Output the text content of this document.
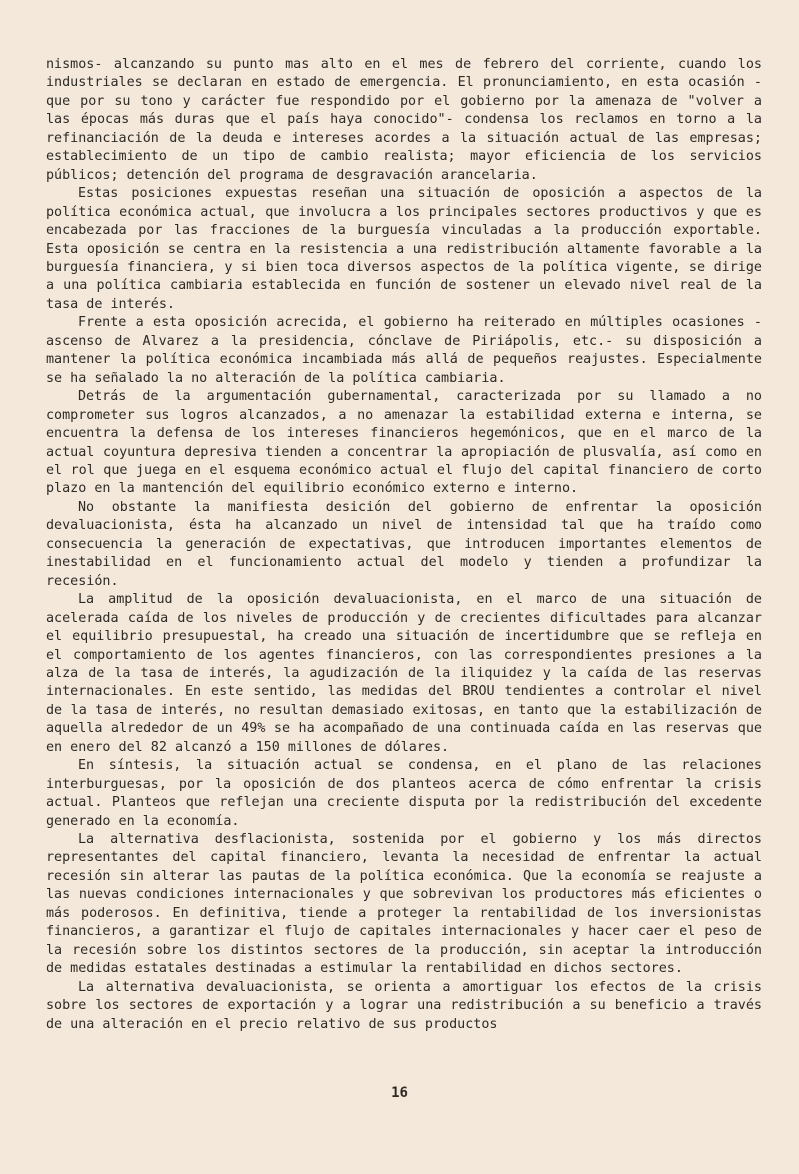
nismos- alcanzando su punto mas alto en el mes de febrero del corriente, cuando los industriales se declaran en estado de emergencia. El pronunciamiento, en esta ocasión -que por su tono y carácter fue respondido por el gobierno por la amenaza de "volver a las épocas más duras que el país haya conocido"- condensa los reclamos en torno a la refinanciación de la deuda e intereses acordes a la situación actual de las empresas; establecimiento de un tipo de cambio realista; mayor eficiencia de los servicios públicos; detención del programa de desgravación arancelaria.

Estas posiciones expuestas reseñan una situación de oposición a aspectos de la política económica actual, que involucra a los principales sectores productivos y que es encabezada por las fracciones de la burguesía vinculadas a la producción exportable. Esta oposición se centra en la resistencia a una redistribución altamente favorable a la burguesía financiera, y si bien toca diversos aspectos de la política vigente, se dirige a una política cambiaria establecida en función de sostener un elevado nivel real de la tasa de interés.

Frente a esta oposición acrecida, el gobierno ha reiterado en múltiples ocasiones -ascenso de Alvarez a la presidencia, cónclave de Piriápolis, etc.- su disposición a mantener la política económica incambiada más allá de pequeños reajustes. Especialmente se ha señalado la no alteración de la política cambiaria.

Detrás de la argumentación gubernamental, caracterizada por su llamado a no comprometer sus logros alcanzados, a no amenazar la estabilidad externa e interna, se encuentra la defensa de los intereses financieros hegemónicos, que en el marco de la actual coyuntura depresiva tienden a concentrar la apropiación de plusvalía, así como en el rol que juega en el esquema económico actual el flujo del capital financiero de corto plazo en la mantención del equilibrio económico externo e interno.

No obstante la manifiesta desición del gobierno de enfrentar la oposición devaluacionista, ésta ha alcanzado un nivel de intensidad tal que ha traído como consecuencia la generación de expectativas, que introducen importantes elementos de inestabilidad en el funcionamiento actual del modelo y tienden a profundizar la recesión.

La amplitud de la oposición devaluacionista, en el marco de una situación de acelerada caída de los niveles de producción y de crecientes dificultades para alcanzar el equilibrio presupuestal, ha creado una situación de incertidumbre que se refleja en el comportamiento de los agentes financieros, con las correspondientes presiones a la alza de la tasa de interés, la agudización de la iliquidez y la caída de las reservas internacionales. En este sentido, las medidas del BROU tendientes a controlar el nivel de la tasa de interés, no resultan demasiado exitosas, en tanto que la estabilización de aquella alrededor de un 49% se ha acompañado de una continuada caída en las reservas que en enero del 82 alcanzó a 150 millones de dólares.

En síntesis, la situación actual se condensa, en el plano de las relaciones interburguesas, por la oposición de dos planteos acerca de cómo enfrentar la crisis actual. Planteos que reflejan una creciente disputa por la redistribución del excedente generado en la economía.

La alternativa desflacionista, sostenida por el gobierno y los más directos representantes del capital financiero, levanta la necesidad de enfrentar la actual recesión sin alterar las pautas de la política económica. Que la economía se reajuste a las nuevas condiciones internacionales y que sobrevivan los productores más eficientes o más poderosos. En definitiva, tiende a proteger la rentabilidad de los inversionistas financieros, a garantizar el flujo de capitales internacionales y hacer caer el peso de la recesión sobre los distintos sectores de la producción, sin aceptar la introducción de medidas estatales destinadas a estimular la rentabilidad en dichos sectores.

La alternativa devaluacionista, se orienta a amortiguar los efectos de la crisis sobre los sectores de exportación y a lograr una redistribución a su beneficio a través de una alteración en el precio relativo de sus productos

16
